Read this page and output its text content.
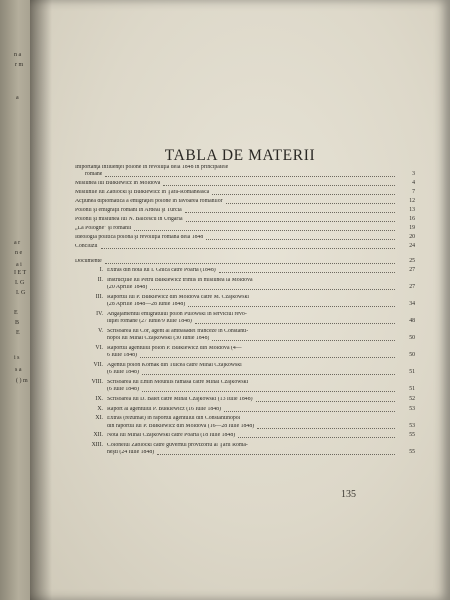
n a
r m
a
a r
n e
a i
I E T
I. G
I. G
E
B
E
i s
s a
( ) m
TABLA DE MATERII
Importanţa influenţei polone în revoluţia dela 1848 în principatele
române	3
Misiunea lui Bułkiewicz în Moldova	4
Misiunile lui Zablocki şi Bułkiewicz în Ţara-Românească	7
Acţiunea diplomatică a emigraţiei polone în favoarea românilor	12
Polonii şi emigraţii români în Ardeal şi Turcia	13
Polonii şi misiunea lui N. Bălcescu în Ungaria	16
„La Pologne" şi românii	19
Ideologia politică polonă şi revoluţia română dela 1848	20
Concluzii	24
Documente	25
I. Extras din nota lui I. Ghica către Poartă (1848)	27
II. Instrucţiile lui Petru Bułkiewicz trimis în misiunea la Moldova
(20 Aprilie 1848)	27
III. Raportul lui P. Bułkiewicz din Moldova către M. Czajkowski
(28 Aprilie 1848—28 Iunie 1848)	34
IV. Angajamentul emigratului polon Pulowski în serviciul revo-
luţiei române (27 Iunie/9 Iulie 1848)	48
V. Scrisoarea lui Cor, agent al ambasadei franceze în Constanti-
nopol lui Mihai Czajkowski (30 Iunie 1848)	50
VI. Raportul agentului polon P. Bułkiewicz din Moldova (4—
6 Iulie 1848)	50
VII. Agentul polon Kornak din Tulcea către Mihai Czajkowski
(6 Iulie 1848)	51
VIII. Scrisoarea lui Emin Mouhlis rămasă către Mihai Czajkowski
(6 Iulie 1848)	51
IX. Scrisoarea lui D. Baiet către Mihai Czajkowski (13 Iulie 1848)	52
X. Raport al agentului P. Bułkiewicz (16 Iulie 1848)	53
XI. Extras (rezumat) în raportul agentului din Constantinopol
din raportul lui P. Bułkiewicz din Moldova (16—28 Iulie 1848)	53
XII. Nota lui Mihai Czajkowski către Poartă (18 Iulie 1848)	55
XIII. Colonelul Zablocki către guvernul provizoriu al Ţării Româ-
neşti (24 Iulie 1848)	55
135
